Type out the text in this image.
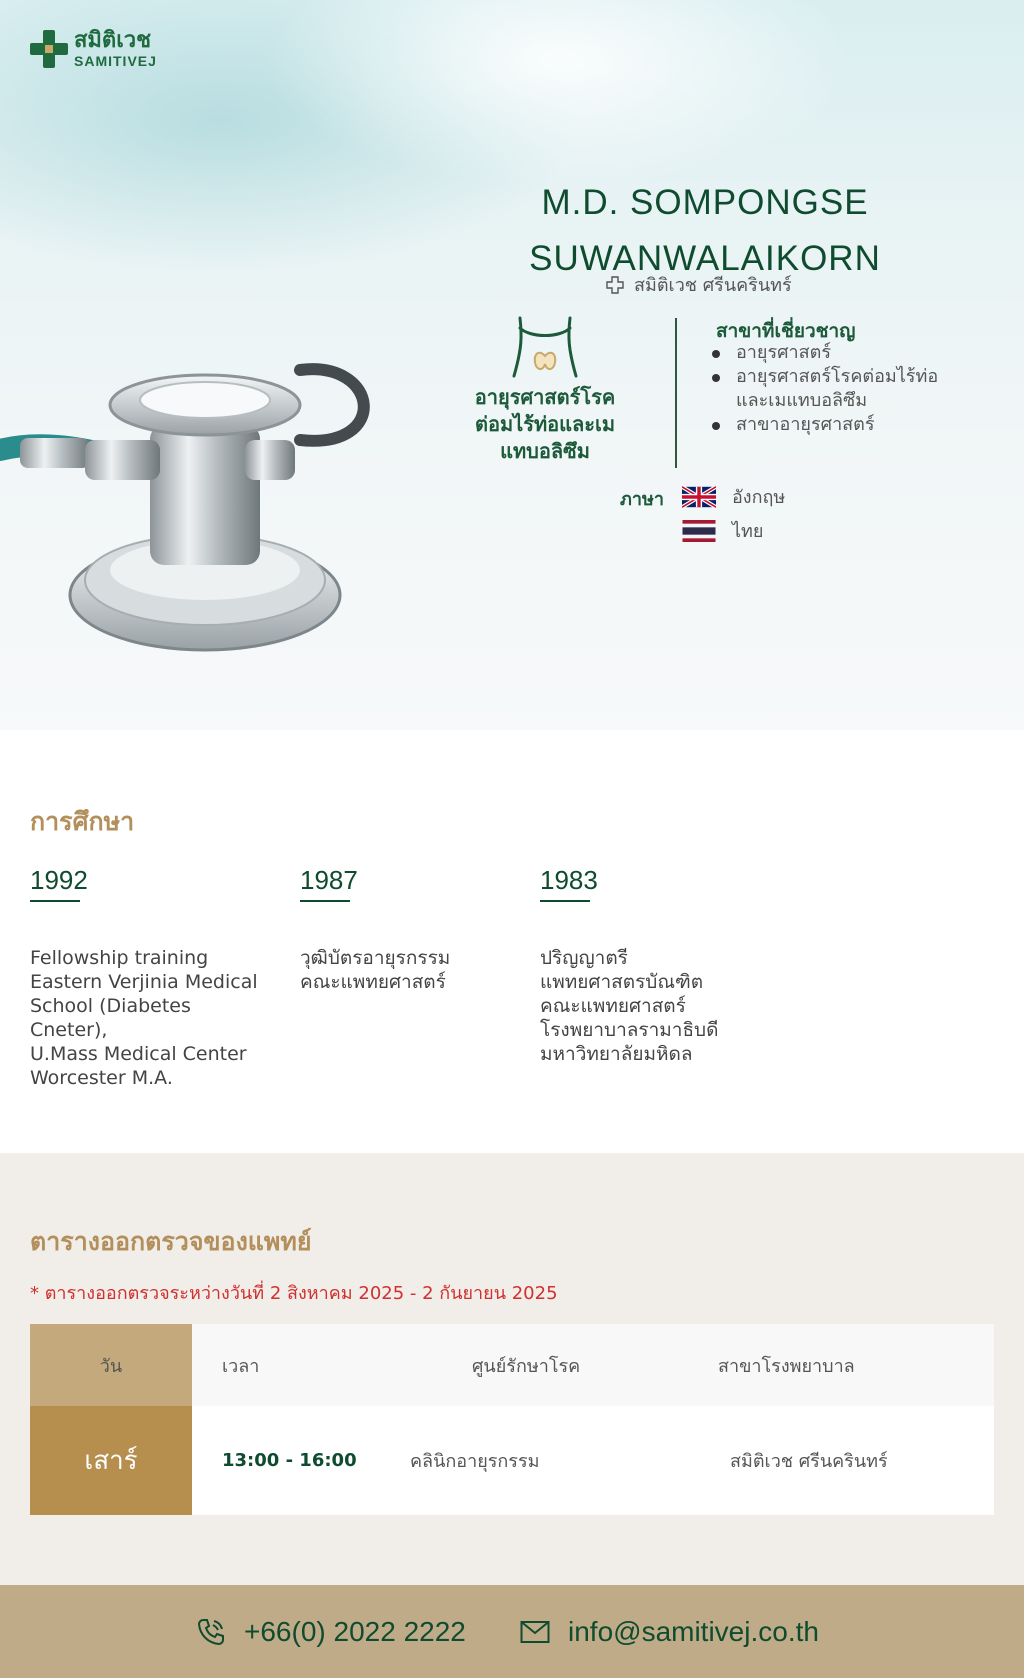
สมิติเวช
SAMITIVEJ
M.D. SOMPONGSE
SUWANWALAIKORN
สมิติเวช ศรีนครินทร์
อายุรศาสตร์โรค
ต่อมไร้ท่อและเม
แทบอลิซึม
สาขาที่เชี่ยวชาญ
อายุรศาสตร์
อายุรศาสตร์โรคต่อมไร้ท่อ
และเมแทบอลิซึม
สาขาอายุรศาสตร์
ภาษา	อังกฤษ
ไทย
การศึกษา
1992
Fellowship training
Eastern Verjinia Medical
School (Diabetes Cneter),
U.Mass Medical Center
Worcester M.A.
1987
วุฒิบัตรอายุรกรรม
คณะแพทยศาสตร์
1983
ปริญญาตรี
แพทยศาสตรบัณฑิต
คณะแพทยศาสตร์
โรงพยาบาลรามาธิบดี
มหาวิทยาลัยมหิดล
ตารางออกตรวจของแพทย์
* ตารางออกตรวจระหว่างวันที่ 2 สิงหาคม 2025 - 2 กันยายน 2025
วัน	เวลา	ศูนย์รักษาโรค	สาขาโรงพยาบาล
เสาร์	13:00 - 16:00	คลินิกอายุรกรรม	สมิติเวช ศรีนครินทร์
+66(0) 2022 2222	info@samitivej.co.th
